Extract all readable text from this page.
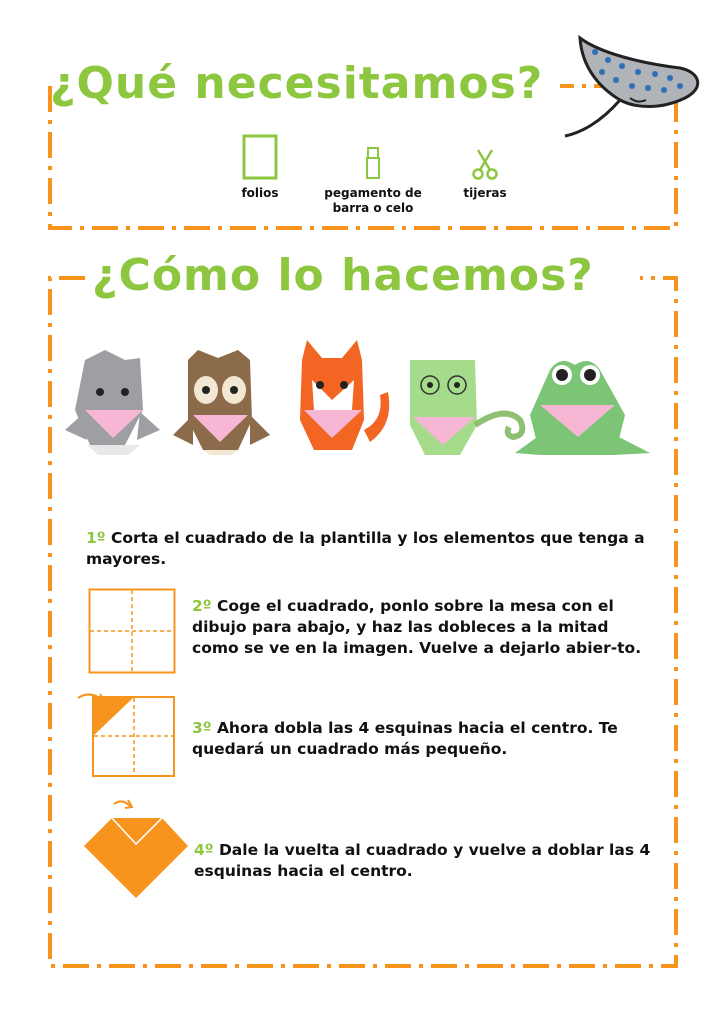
¿Qué necesitamos?
folios	pegamento de barra o celo
tijeras
¿Cómo lo hacemos?
1º Corta el cuadrado de la plantilla y los elementos que tenga a mayores.
2º Coge el cuadrado, ponlo sobre la mesa con el dibujo para abajo, y haz las dobleces a la mitad como se ve en la imagen. Vuelve a dejarlo abier-to.
3º Ahora dobla las 4 esquinas hacia el centro. Te quedará un cuadrado más pequeño.
4º Dale la vuelta al cuadrado y vuelve a doblar las 4 esquinas hacia el centro.
